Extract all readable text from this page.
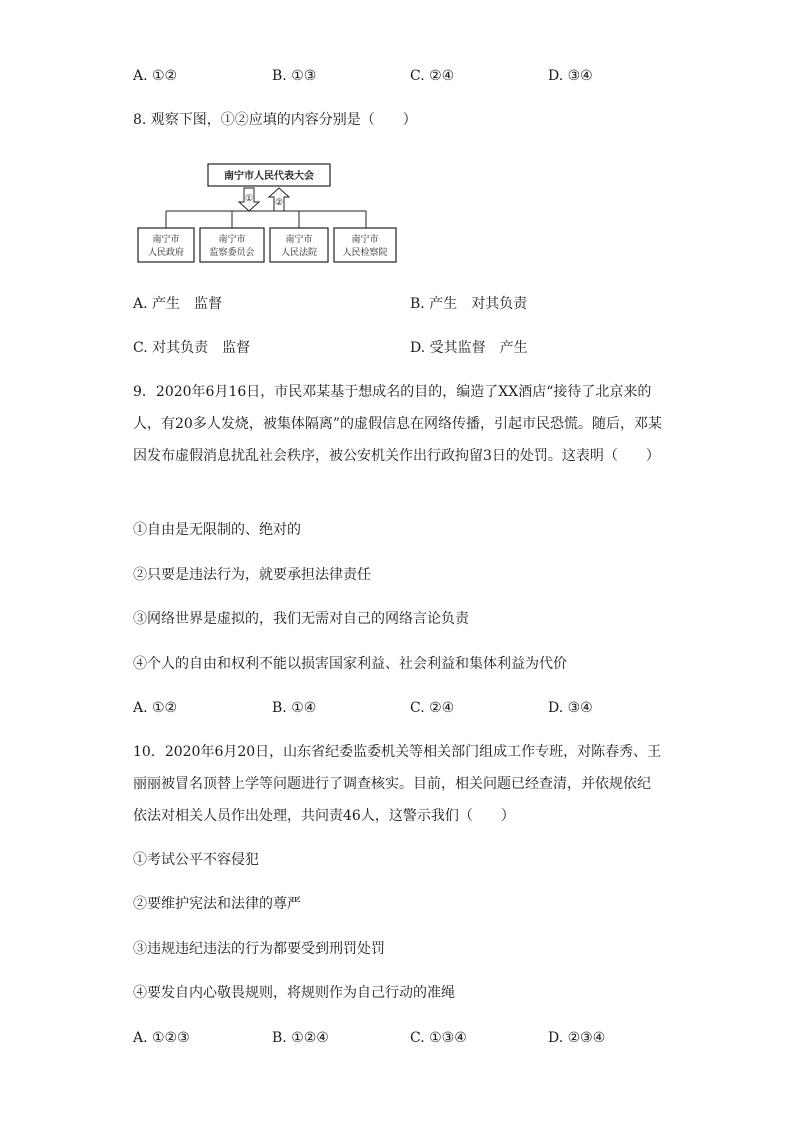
A. ①②	B. ①③	C. ②④	D. ③④
8. 观察下图，①②应填的内容分别是（　　）
南宁市人民代表大会
① ②
南宁市
人民政府
南宁市
监察委员会
南宁市
人民法院
南宁市
人民检察院
A. 产生　监督	B. 产生　对其负责
C. 对其负责　监督	D. 受其监督　产生
9．2020年6月16日，市民邓某基于想成名的目的，编造了XX酒店“接待了北京来的人，有20多人发烧，被集体隔离”的虚假信息在网络传播，引起市民恐慌。随后，邓某因发布虚假消息扰乱社会秩序，被公安机关作出行政拘留3日的处罚。这表明（　　）
①自由是无限制的、绝对的
②只要是违法行为，就要承担法律责任
③网络世界是虚拟的，我们无需对自己的网络言论负责
④个人的自由和权利不能以损害国家利益、社会利益和集体利益为代价
A. ①②	B. ①④	C. ②④	D. ③④
10．2020年6月20日，山东省纪委监委机关等相关部门组成工作专班，对陈春秀、王丽丽被冒名顶替上学等问题进行了调查核实。目前，相关问题已经查清，并依规依纪依法对相关人员作出处理，共问责46人，这警示我们（　　）
①考试公平不容侵犯
②要维护宪法和法律的尊严
③违规违纪违法的行为都要受到刑罚处罚
④要发自内心敬畏规则，将规则作为自己行动的准绳
A. ①②③	B. ①②④	C. ①③④	D. ②③④
